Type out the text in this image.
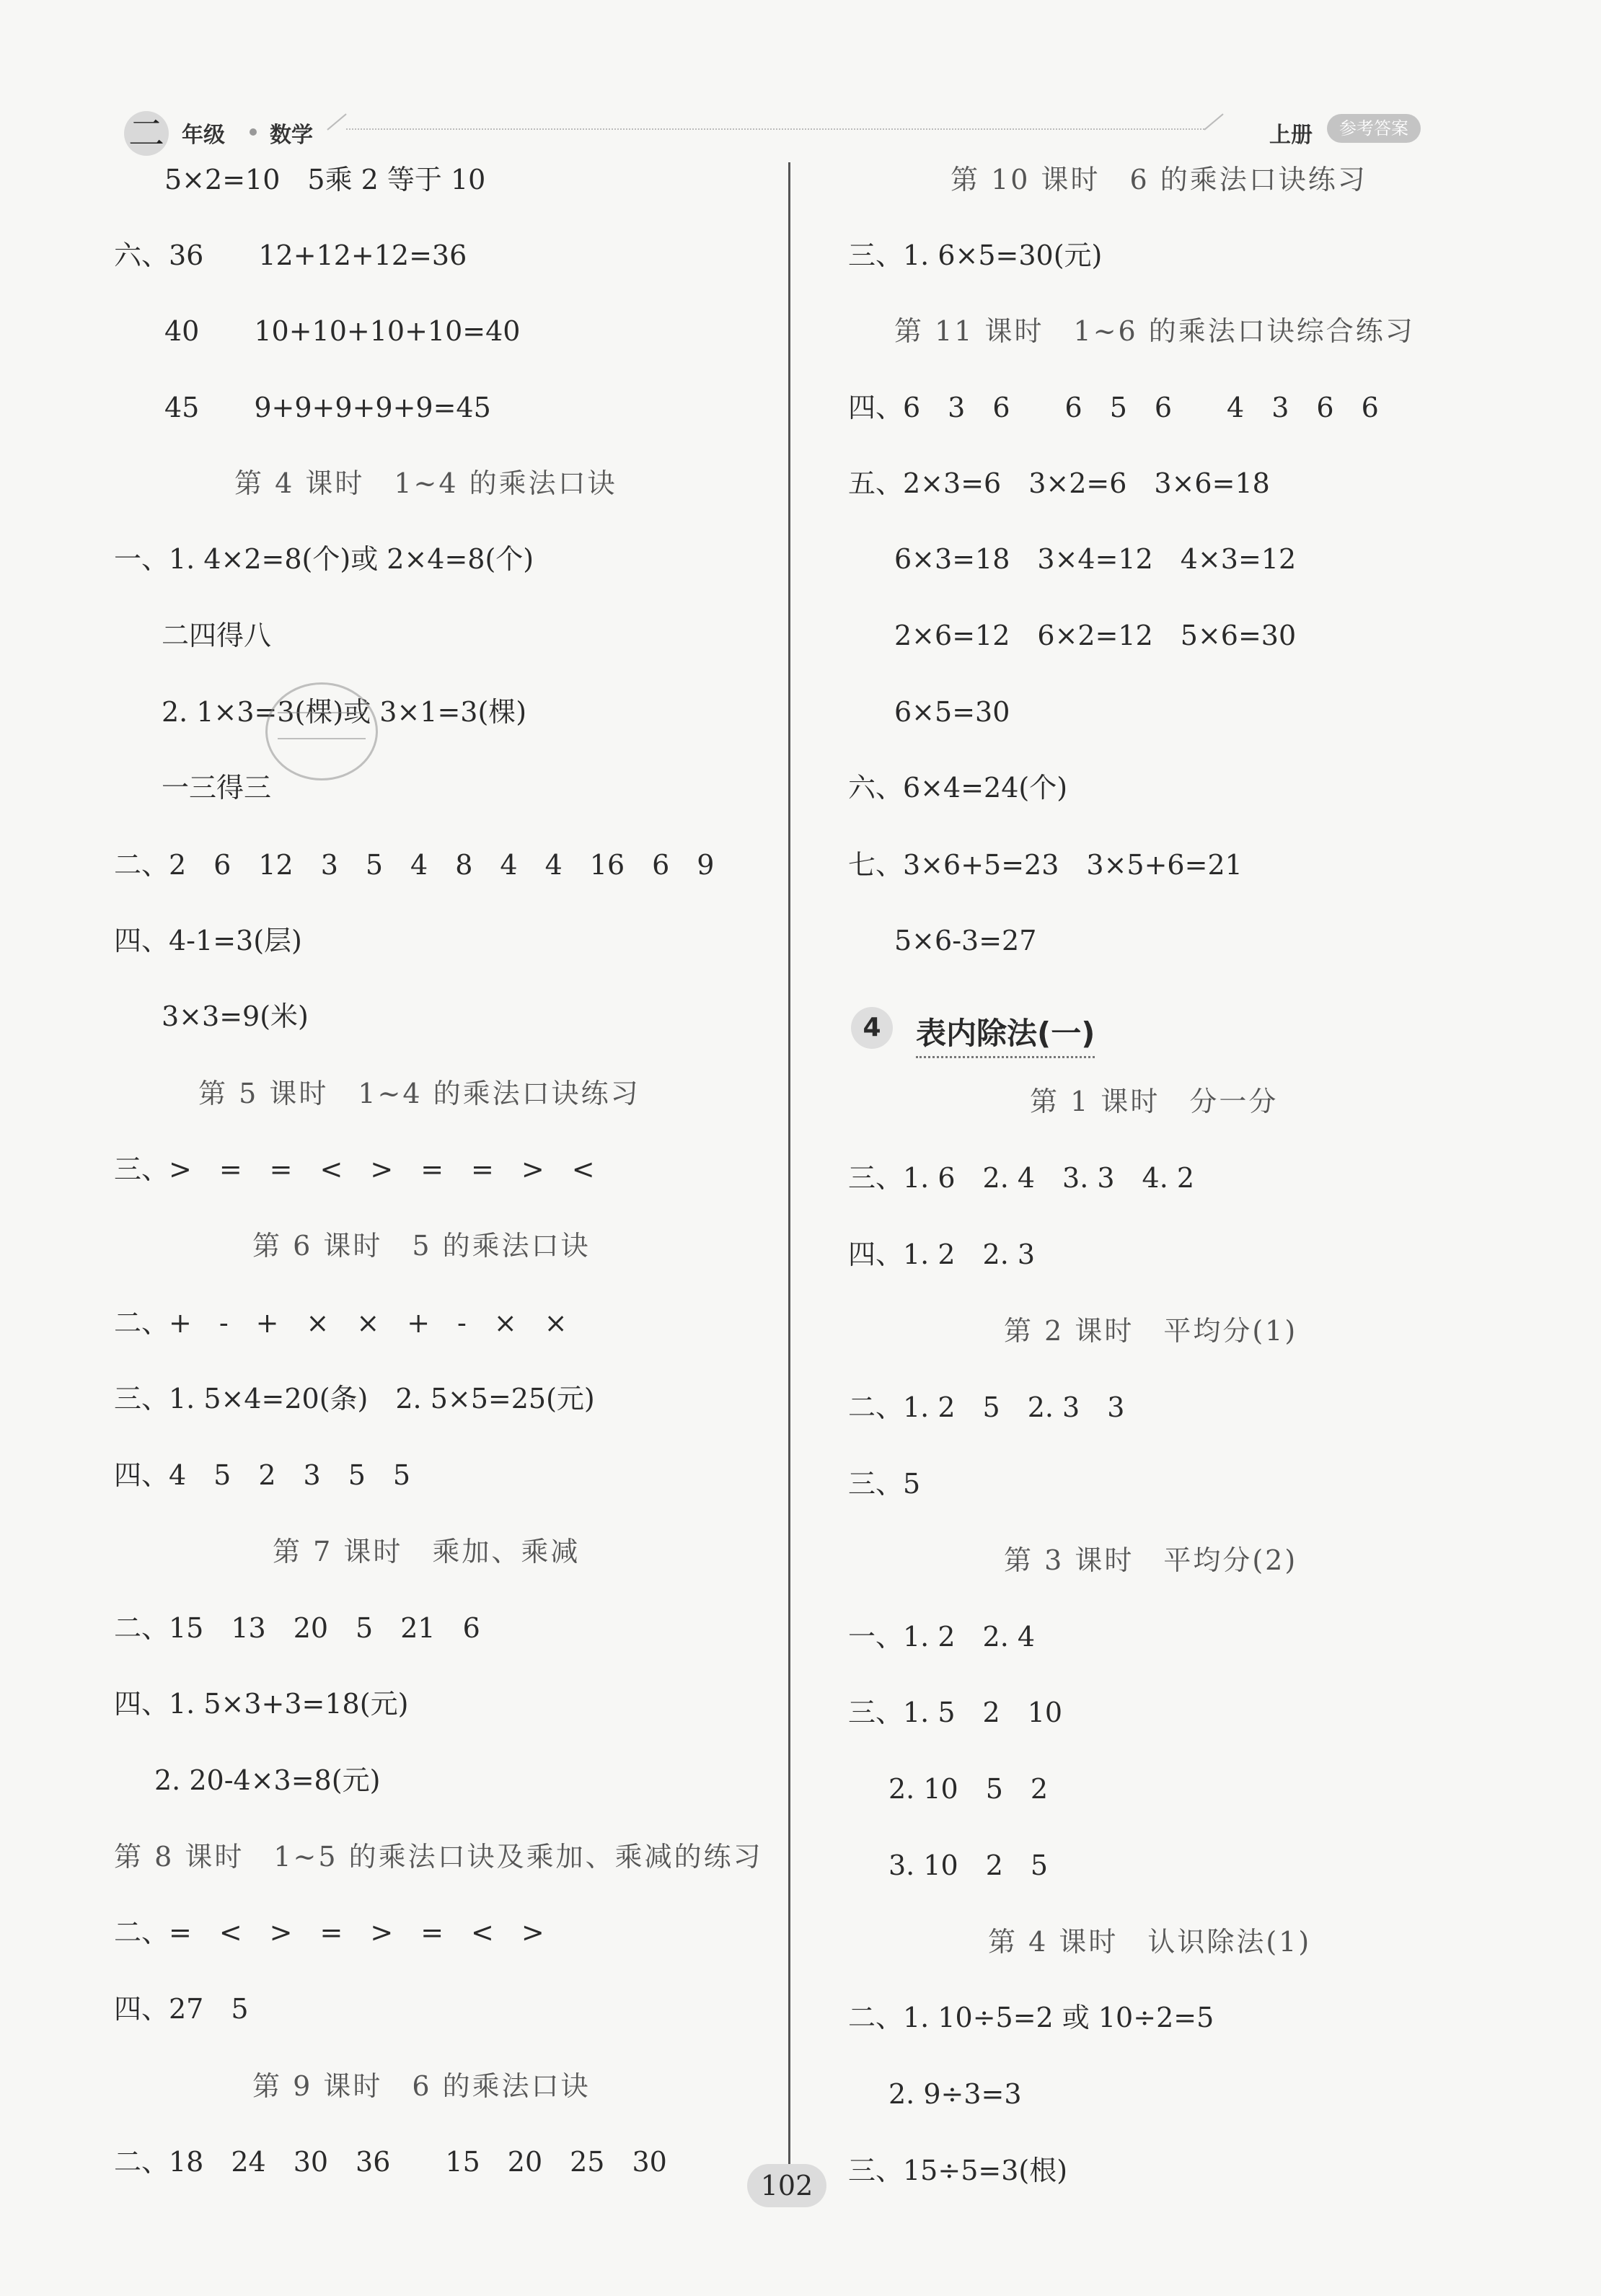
二 年级 数学	上册	参考答案
5×2=10　5乘 2 等于 10
六、36　　12+12+12=36
40　　10+10+10+10=40
45　　9+9+9+9+9=45
第 4 课时　1~4 的乘法口诀
一、1. 4×2=8(个)或 2×4=8(个)
二四得八
2. 1×3=3(棵)或 3×1=3(棵)
一三得三
二、2　6　12　3　5　4　8　4　4　16　6　9
四、4-1=3(层)
3×3=9(米)
第 5 课时　1~4 的乘法口诀练习
三、>　=　=　<　>　=　=　>　<
第 6 课时　5 的乘法口诀
二、+　-　+　×　×　+　-　×　×
三、1. 5×4=20(条)　2. 5×5=25(元)
四、4　5　2　3　5　5
第 7 课时　乘加、乘减
二、15　13　20　5　21　6
四、1. 5×3+3=18(元)
2. 20-4×3=8(元)
第 8 课时　1~5 的乘法口诀及乘加、乘减的练习
二、=　<　>　=　>　=　<　>
四、27　5
第 9 课时　6 的乘法口诀
二、18　24　30　36　　15　20　25　30
第 10 课时　6 的乘法口诀练习
三、1. 6×5=30(元)
第 11 课时　1~6 的乘法口诀综合练习
四、6　3　6　　6　5　6　　4　3　6　6
五、2×3=6　3×2=6　3×6=18
6×3=18　3×4=12　4×3=12
2×6=12　6×2=12　5×6=30
6×5=30
六、6×4=24(个)
七、3×6+5=23　3×5+6=21
5×6-3=27
4	表内除法(一)
第 1 课时　分一分
三、1. 6　2. 4　3. 3　4. 2
四、1. 2　2. 3
第 2 课时　平均分(1)
二、1. 2　5　2. 3　3
三、5
第 3 课时　平均分(2)
一、1. 2　2. 4
三、1. 5　2　10
2. 10　5　2
3. 10　2　5
第 4 课时　认识除法(1)
二、1. 10÷5=2 或 10÷2=5
2. 9÷3=3
三、15÷5=3(根)
102
